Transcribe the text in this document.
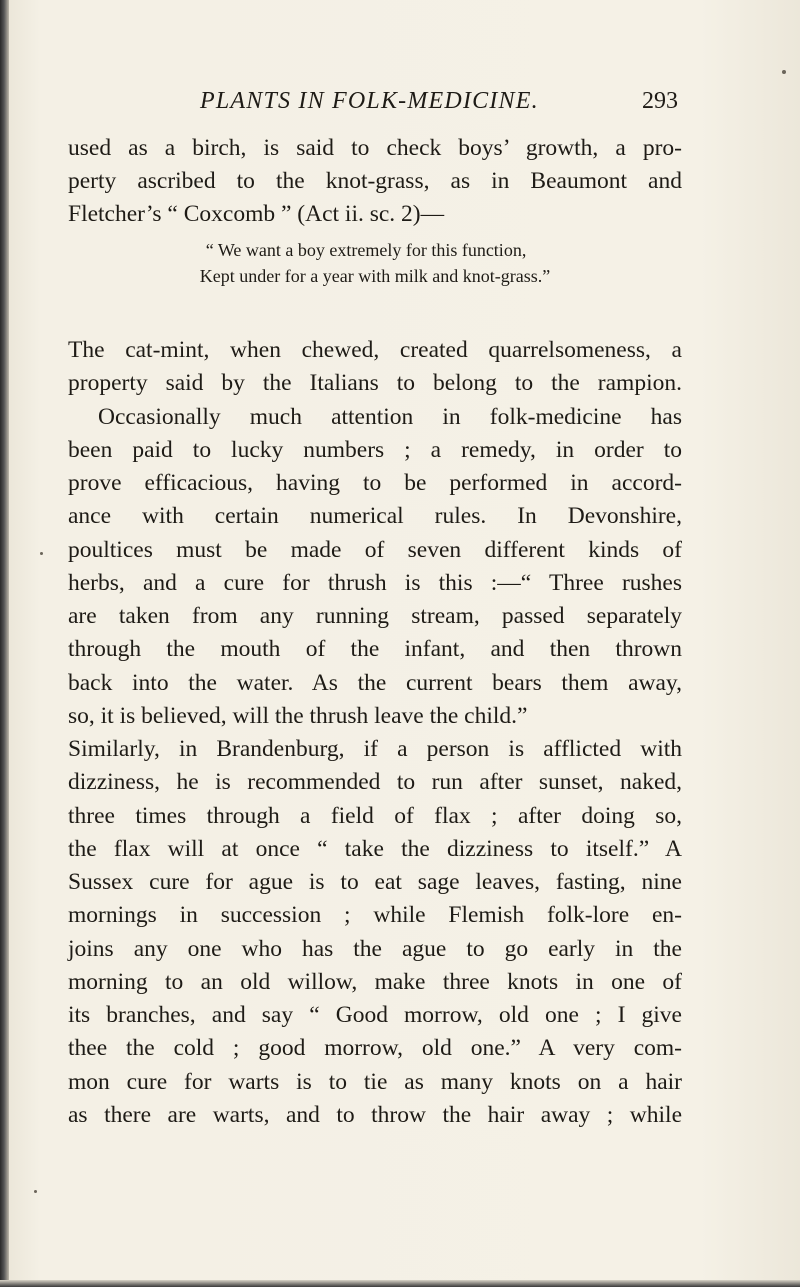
PLANTS IN FOLK-MEDICINE.	293
used as a birch, is said to check boys’ growth, a pro-
perty ascribed to the knot-grass, as in Beaumont and
Fletcher’s “ Coxcomb ” (Act ii. sc. 2)—
“ We want a boy extremely for this function,
Kept under for a year with milk and knot-grass.”
The cat-mint, when chewed, created quarrelsomeness, a
property said by the Italians to belong to the rampion.
Occasionally much attention in folk-medicine has
been paid to lucky numbers ; a remedy, in order to
prove efficacious, having to be performed in accord-
ance with certain numerical rules. In Devonshire,
poultices must be made of seven different kinds of
herbs, and a cure for thrush is this :—“ Three rushes
are taken from any running stream, passed separately
through the mouth of the infant, and then thrown
back into the water. As the current bears them away,
so, it is believed, will the thrush leave the child.”
Similarly, in Brandenburg, if a person is afflicted with
dizziness, he is recommended to run after sunset, naked,
three times through a field of flax ; after doing so,
the flax will at once “ take the dizziness to itself.” A
Sussex cure for ague is to eat sage leaves, fasting, nine
mornings in succession ; while Flemish folk-lore en-
joins any one who has the ague to go early in the
morning to an old willow, make three knots in one of
its branches, and say “ Good morrow, old one ; I give
thee the cold ; good morrow, old one.” A very com-
mon cure for warts is to tie as many knots on a hair
as there are warts, and to throw the hair away ; while
